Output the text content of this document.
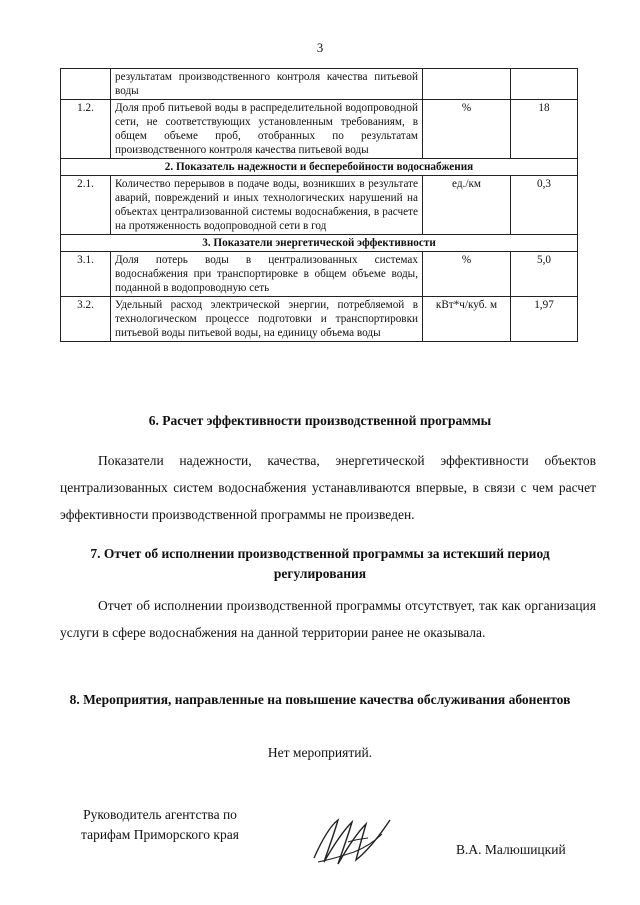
3
	результатам производственного контроля качества питьевой воды		
1.2.	Доля проб питьевой воды в распределительной водопроводной сети, не соответствующих установленным требованиям, в общем объеме проб, отобранных по результатам производственного контроля качества питьевой воды	%	18
2. Показатель надежности и бесперебойности водоснабжения			
2.1.	Количество перерывов в подаче воды, возникших в результате аварий, повреждений и иных технологических нарушений на объектах централизованной системы водоснабжения, в расчете на протяженность водопроводной сети в год	ед./км	0,3
3. Показатели энергетической эффективности			
3.1.	Доля потерь воды в централизованных системах водоснабжения при транспортировке в общем объеме воды, поданной в водопроводную сеть	%	5,0
3.2.	Удельный расход электрической энергии, потребляемой в технологическом процессе подготовки и транспортировки питьевой воды питьевой воды, на единицу объема воды	кВт*ч/куб. м	1,97
6. Расчет эффективности производственной программы
Показатели надежности, качества, энергетической эффективности объектов централизованных систем водоснабжения устанавливаются впервые, в связи с чем расчет эффективности производственной программы не произведен.
7. Отчет об исполнении производственной программы за истекший период регулирования
Отчет об исполнении производственной программы отсутствует, так как организация услуги в сфере водоснабжения на данной территории ранее не оказывала.
8. Мероприятия, направленные на повышение качества обслуживания абонентов
Нет мероприятий.
Руководитель агентства по тарифам Приморского края
В.А. Малюшицкий
